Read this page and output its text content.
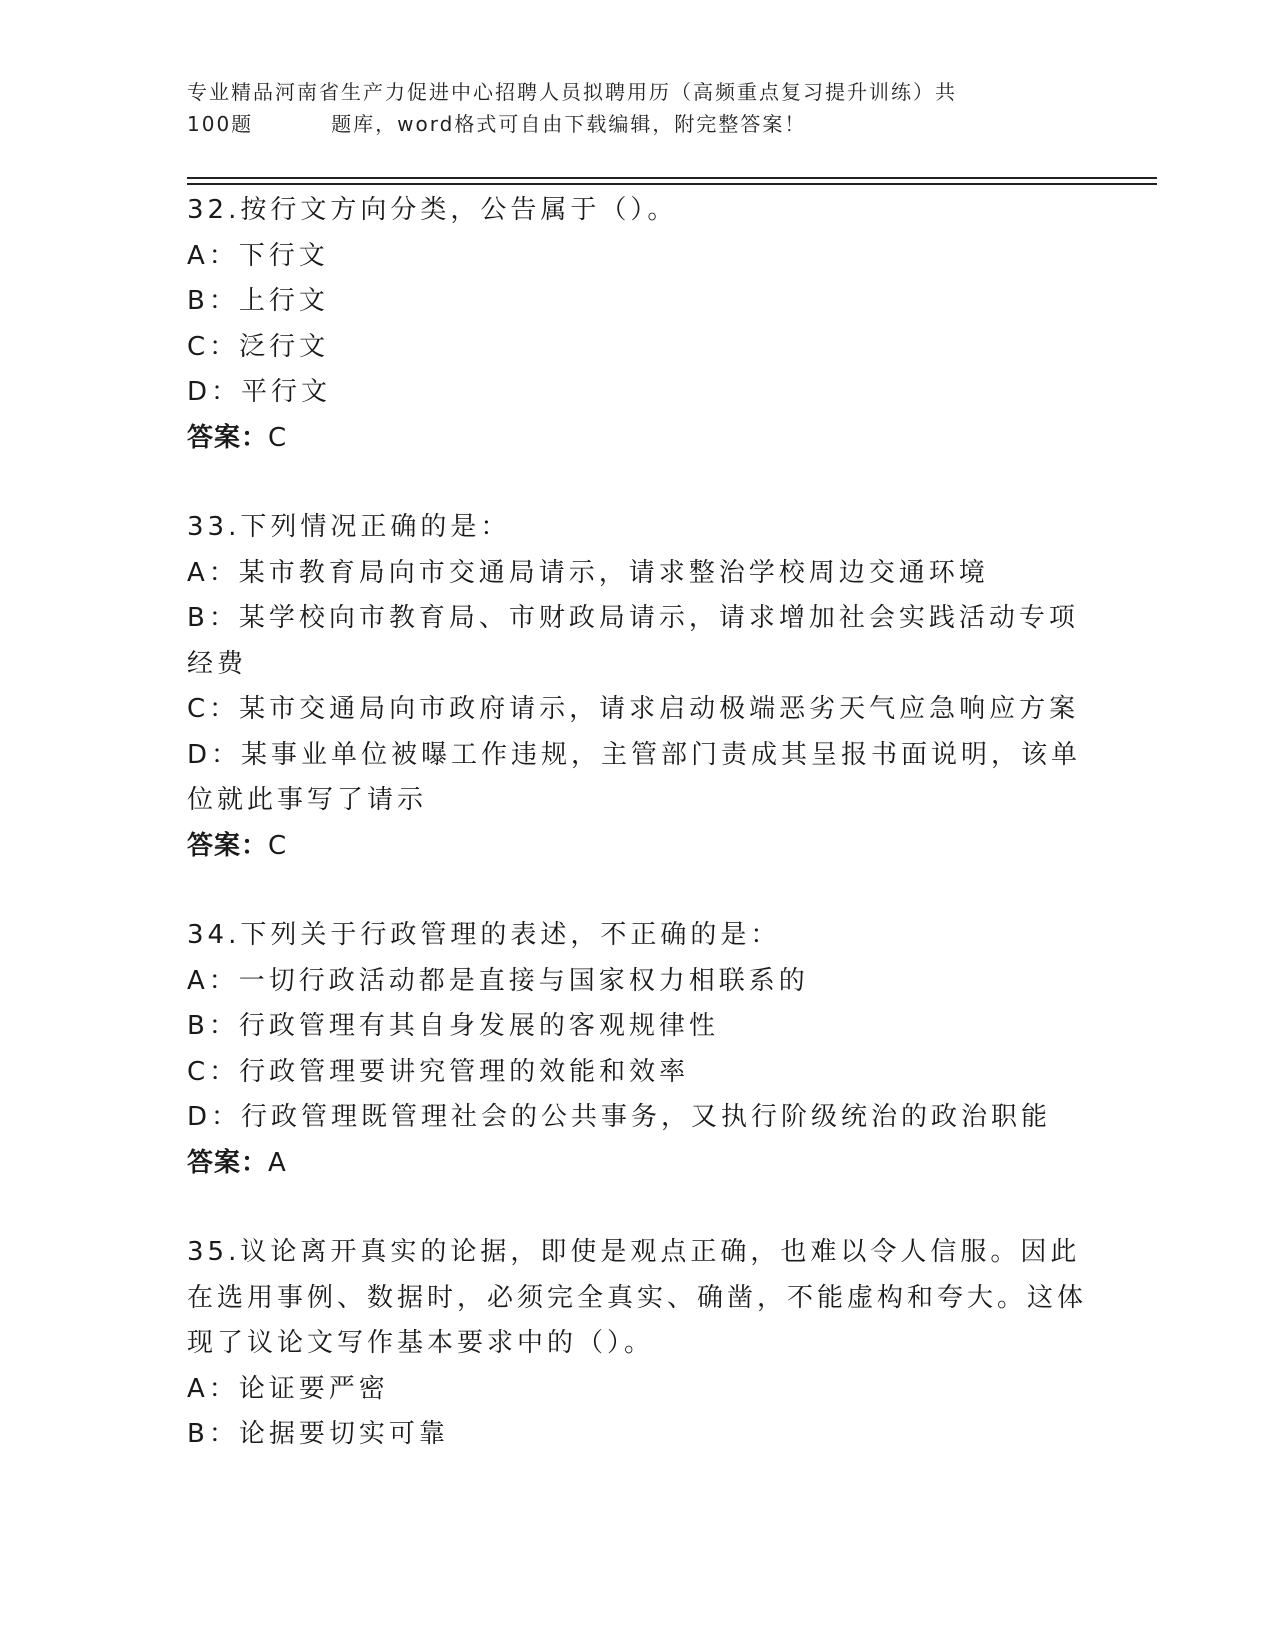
专业精品河南省生产力促进中心招聘人员拟聘用历（高频重点复习提升训练）共
100题	题库，word格式可自由下载编辑，附完整答案！

32.按行文方向分类，公告属于（）。

A：下行文

B：上行文

C：泛行文

D：平行文

答案：C

33.下列情况正确的是：

A：某市教育局向市交通局请示，请求整治学校周边交通环境

B：某学校向市教育局、市财政局请示，请求增加社会实践活动专项经费

C：某市交通局向市政府请示，请求启动极端恶劣天气应急响应方案

D：某事业单位被曝工作违规，主管部门责成其呈报书面说明，该单位就此事写了请示

答案：C

34.下列关于行政管理的表述，不正确的是：

A：一切行政活动都是直接与国家权力相联系的

B：行政管理有其自身发展的客观规律性

C：行政管理要讲究管理的效能和效率

D：行政管理既管理社会的公共事务，又执行阶级统治的政治职能

答案：A

35.议论离开真实的论据，即使是观点正确，也难以令人信服。因此在选用事例、数据时，必须完全真实、确凿，不能虚构和夸大。这体现了议论文写作基本要求中的（）。

A：论证要严密

B：论据要切实可靠
